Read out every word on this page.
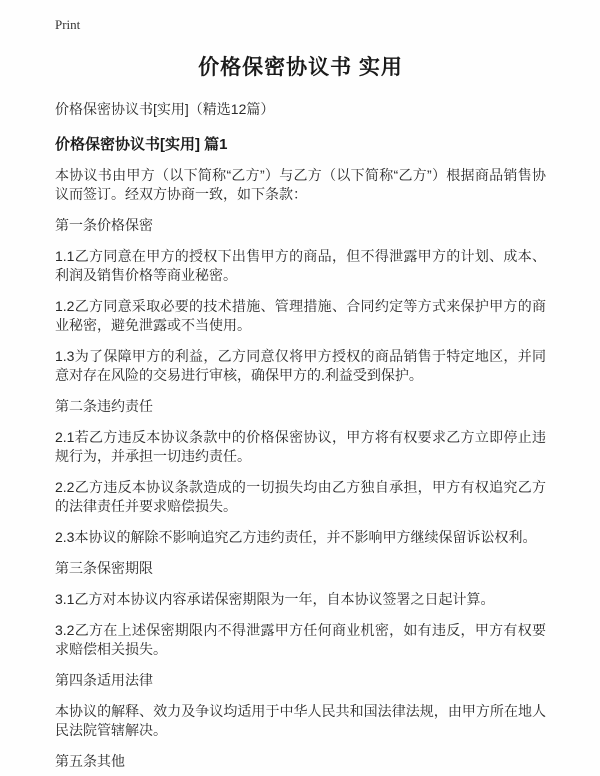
Print
价格保密协议书 实用
价格保密协议书[实用]（精选12篇）
价格保密协议书[实用] 篇1

本协议书由甲方（以下简称“乙方”）与乙方（以下简称“乙方”）根据商品销售协议而签订。经双方协商一致，如下条款：

第一条价格保密

1.1乙方同意在甲方的授权下出售甲方的商品，但不得泄露甲方的计划、成本、利润及销售价格等商业秘密。

1.2乙方同意采取必要的技术措施、管理措施、合同约定等方式来保护甲方的商业秘密，避免泄露或不当使用。

1.3为了保障甲方的利益，乙方同意仅将甲方授权的商品销售于特定地区，并同意对存在风险的交易进行审核，确保甲方的.利益受到保护。

第二条违约责任

2.1若乙方违反本协议条款中的价格保密协议，甲方将有权要求乙方立即停止违规行为，并承担一切违约责任。

2.2乙方违反本协议条款造成的一切损失均由乙方独自承担，甲方有权追究乙方的法律责任并要求赔偿损失。

2.3本协议的解除不影响追究乙方违约责任，并不影响甲方继续保留诉讼权利。

第三条保密期限

3.1乙方对本协议内容承诺保密期限为一年，自本协议签署之日起计算。

3.2乙方在上述保密期限内不得泄露甲方任何商业机密，如有违反，甲方有权要求赔偿相关损失。

第四条适用法律

本协议的解释、效力及争议均适用于中华人民共和国法律法规，由甲方所在地人民法院管辖解决。

第五条其他
